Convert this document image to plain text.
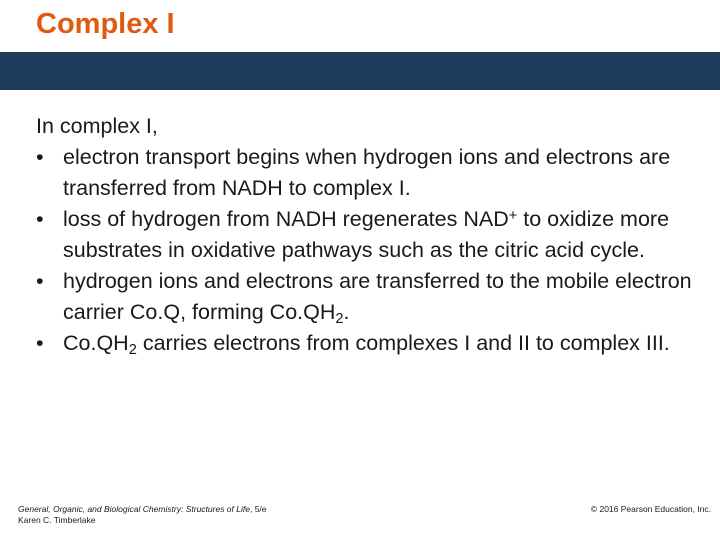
Complex I

In complex I,

• electron transport begins when hydrogen ions and electrons are transferred from NADH to complex I.
• loss of hydrogen from NADH regenerates NAD+ to oxidize more substrates in oxidative pathways such as the citric acid cycle.
• hydrogen ions and electrons are transferred to the mobile electron carrier Co.Q, forming Co.QH2.
• Co.QH2 carries electrons from complexes I and II to complex III.
General, Organic, and Biological Chemistry: Structures of Life, 5/e
Karen C. Timberlake
© 2016 Pearson Education, Inc.
